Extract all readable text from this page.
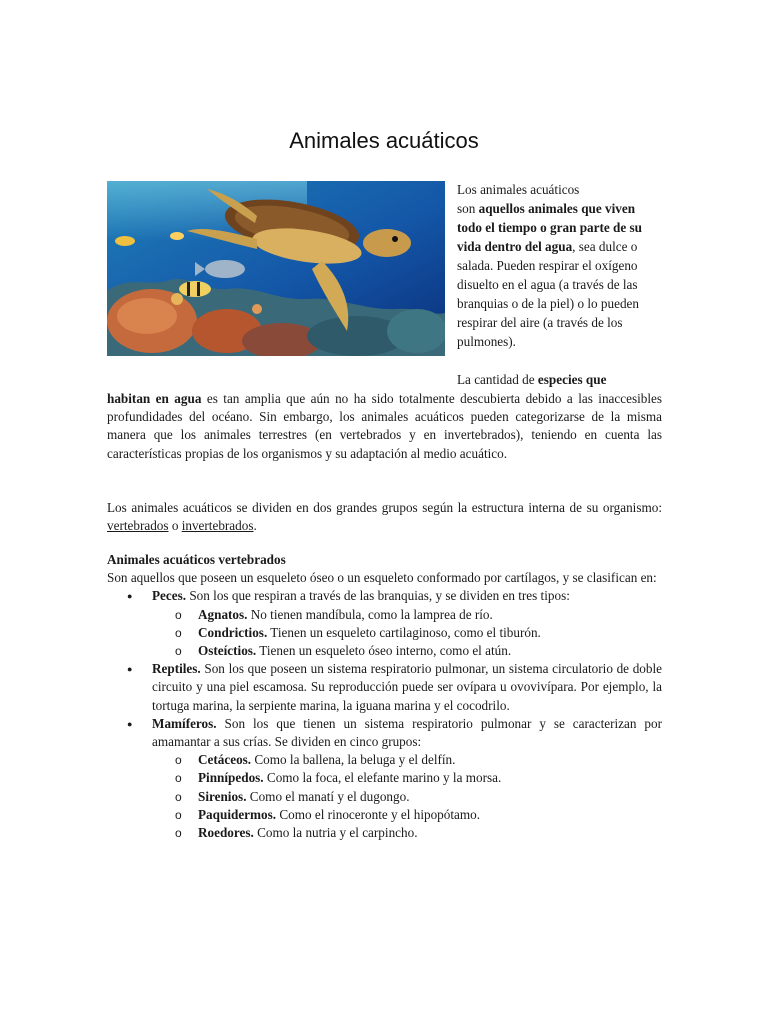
Animales acuáticos

Los animales acuáticos
son aquellos animales que viven todo el tiempo o gran parte de su vida dentro del agua, sea dulce o salada. Pueden respirar el oxígeno disuelto en el agua (a través de las branquias o de la piel) o lo pueden respirar del aire (a través de los pulmones).

La cantidad de especies que

habitan en agua es tan amplia que aún no ha sido totalmente descubierta debido a las inaccesibles profundidades del océano. Sin embargo, los animales acuáticos pueden categorizarse de la misma manera que los animales terrestres (en vertebrados y en invertebrados), teniendo en cuenta las características propias de los organismos y su adaptación al medio acuático.

Los animales acuáticos se dividen en dos grandes grupos según la estructura interna de su organismo: vertebrados o invertebrados.

Animales acuáticos vertebrados

Son aquellos que poseen un esqueleto óseo o un esqueleto conformado por cartílagos, y se clasifican en:

● Peces. Son los que respiran a través de las branquias, y se dividen en tres tipos:
o Agnatos. No tienen mandíbula, como la lamprea de río.
o Condrictios. Tienen un esqueleto cartilaginoso, como el tiburón.
o Osteíctios. Tienen un esqueleto óseo interno, como el atún.
● Reptiles. Son los que poseen un sistema respiratorio pulmonar, un sistema circulatorio de doble circuito y una piel escamosa. Su reproducción puede ser ovípara u ovovivípara. Por ejemplo, la tortuga marina, la serpiente marina, la iguana marina y el cocodrilo.
● Mamíferos. Son los que tienen un sistema respiratorio pulmonar y se caracterizan por amamantar a sus crías. Se dividen en cinco grupos:
o Cetáceos. Como la ballena, la beluga y el delfín.
o Pinnípedos. Como la foca, el elefante marino y la morsa.
o Sirenios. Como el manatí y el dugongo.
o Paquidermos. Como el rinoceronte y el hipopótamo.
o Roedores. Como la nutria y el carpincho.
